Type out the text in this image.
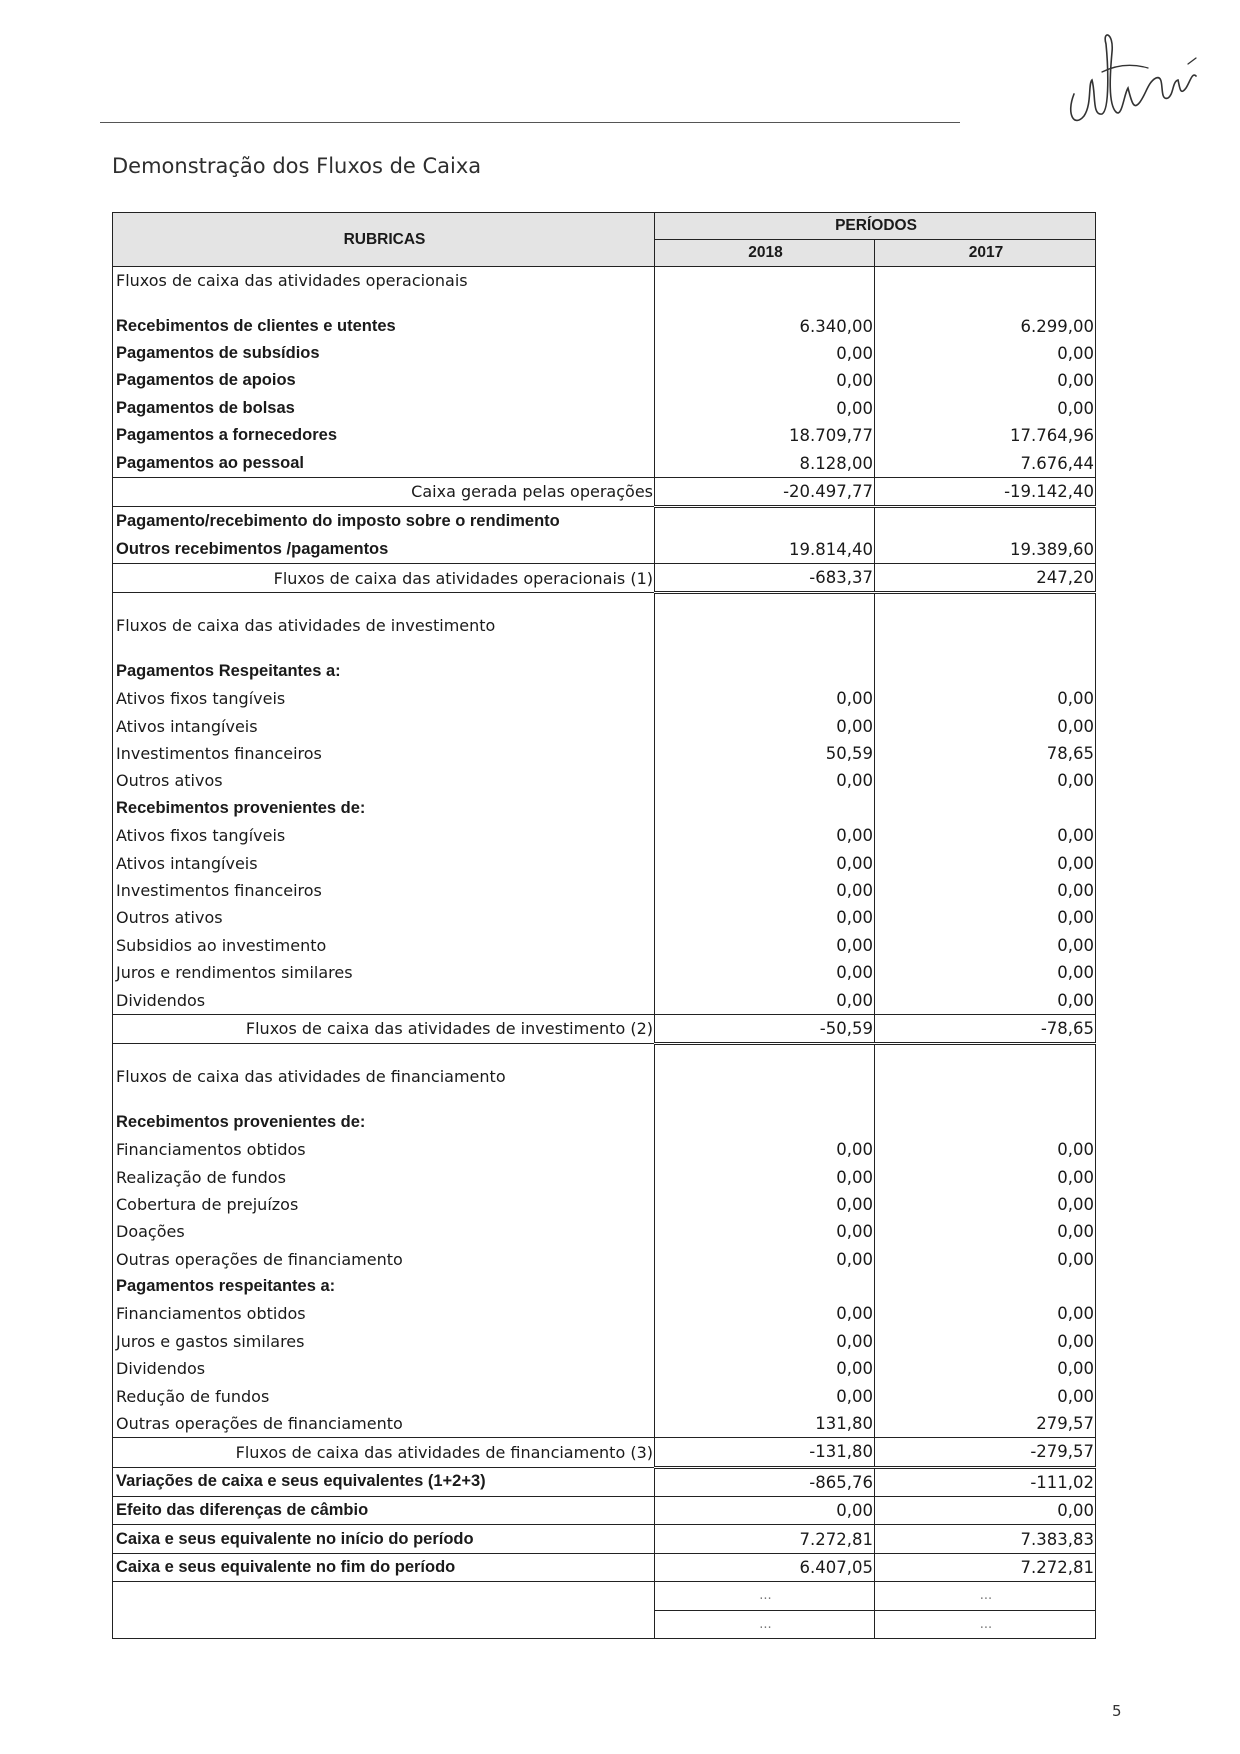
Demonstração dos Fluxos de Caixa
RUBRICAS	PERÍODOS	
	2018	2017
Fluxos de caixa das atividades operacionais		

Recebimentos de clientes e utentes	6.340,00	6.299,00
Pagamentos de subsídios	0,00	0,00
Pagamentos de apoios	0,00	0,00
Pagamentos de bolsas	0,00	0,00
Pagamentos a fornecedores	18.709,77	17.764,96
Pagamentos ao pessoal	8.128,00	7.676,44
Caixa gerada pelas operações	-20.497,77	-19.142,40
Pagamento/recebimento do imposto sobre o rendimento		
Outros recebimentos /pagamentos	19.814,40	19.389,60
Fluxos de caixa das atividades operacionais (1)	-683,37	247,20

Fluxos de caixa das atividades de investimento		

Pagamentos Respeitantes a:		
Ativos fixos tangíveis	0,00	0,00
Ativos intangíveis	0,00	0,00
Investimentos financeiros	50,59	78,65
Outros ativos	0,00	0,00
Recebimentos provenientes de:		
Ativos fixos tangíveis	0,00	0,00
Ativos intangíveis	0,00	0,00
Investimentos financeiros	0,00	0,00
Outros ativos	0,00	0,00
Subsidios ao investimento	0,00	0,00
Juros e rendimentos similares	0,00	0,00
Dividendos	0,00	0,00
Fluxos de caixa das atividades de investimento (2)	-50,59	-78,65

Fluxos de caixa das atividades de financiamento		

Recebimentos provenientes de:		
Financiamentos obtidos	0,00	0,00
Realização de fundos	0,00	0,00
Cobertura de prejuízos	0,00	0,00
Doações	0,00	0,00
Outras operações de financiamento	0,00	0,00
Pagamentos respeitantes a:		
Financiamentos obtidos	0,00	0,00
Juros e gastos similares	0,00	0,00
Dividendos	0,00	0,00
Redução de fundos	0,00	0,00
Outras operações de financiamento	131,80	279,57
Fluxos de caixa das atividades de financiamento (3)	-131,80	-279,57
Variações de caixa e seus equivalentes (1+2+3)	-865,76	-111,02
Efeito das diferenças de câmbio	0,00	0,00
Caixa e seus equivalente no início do período	7.272,81	7.383,83
Caixa e seus equivalente no fim do período	6.407,05	7.272,81
	...	...
	...	...
5
